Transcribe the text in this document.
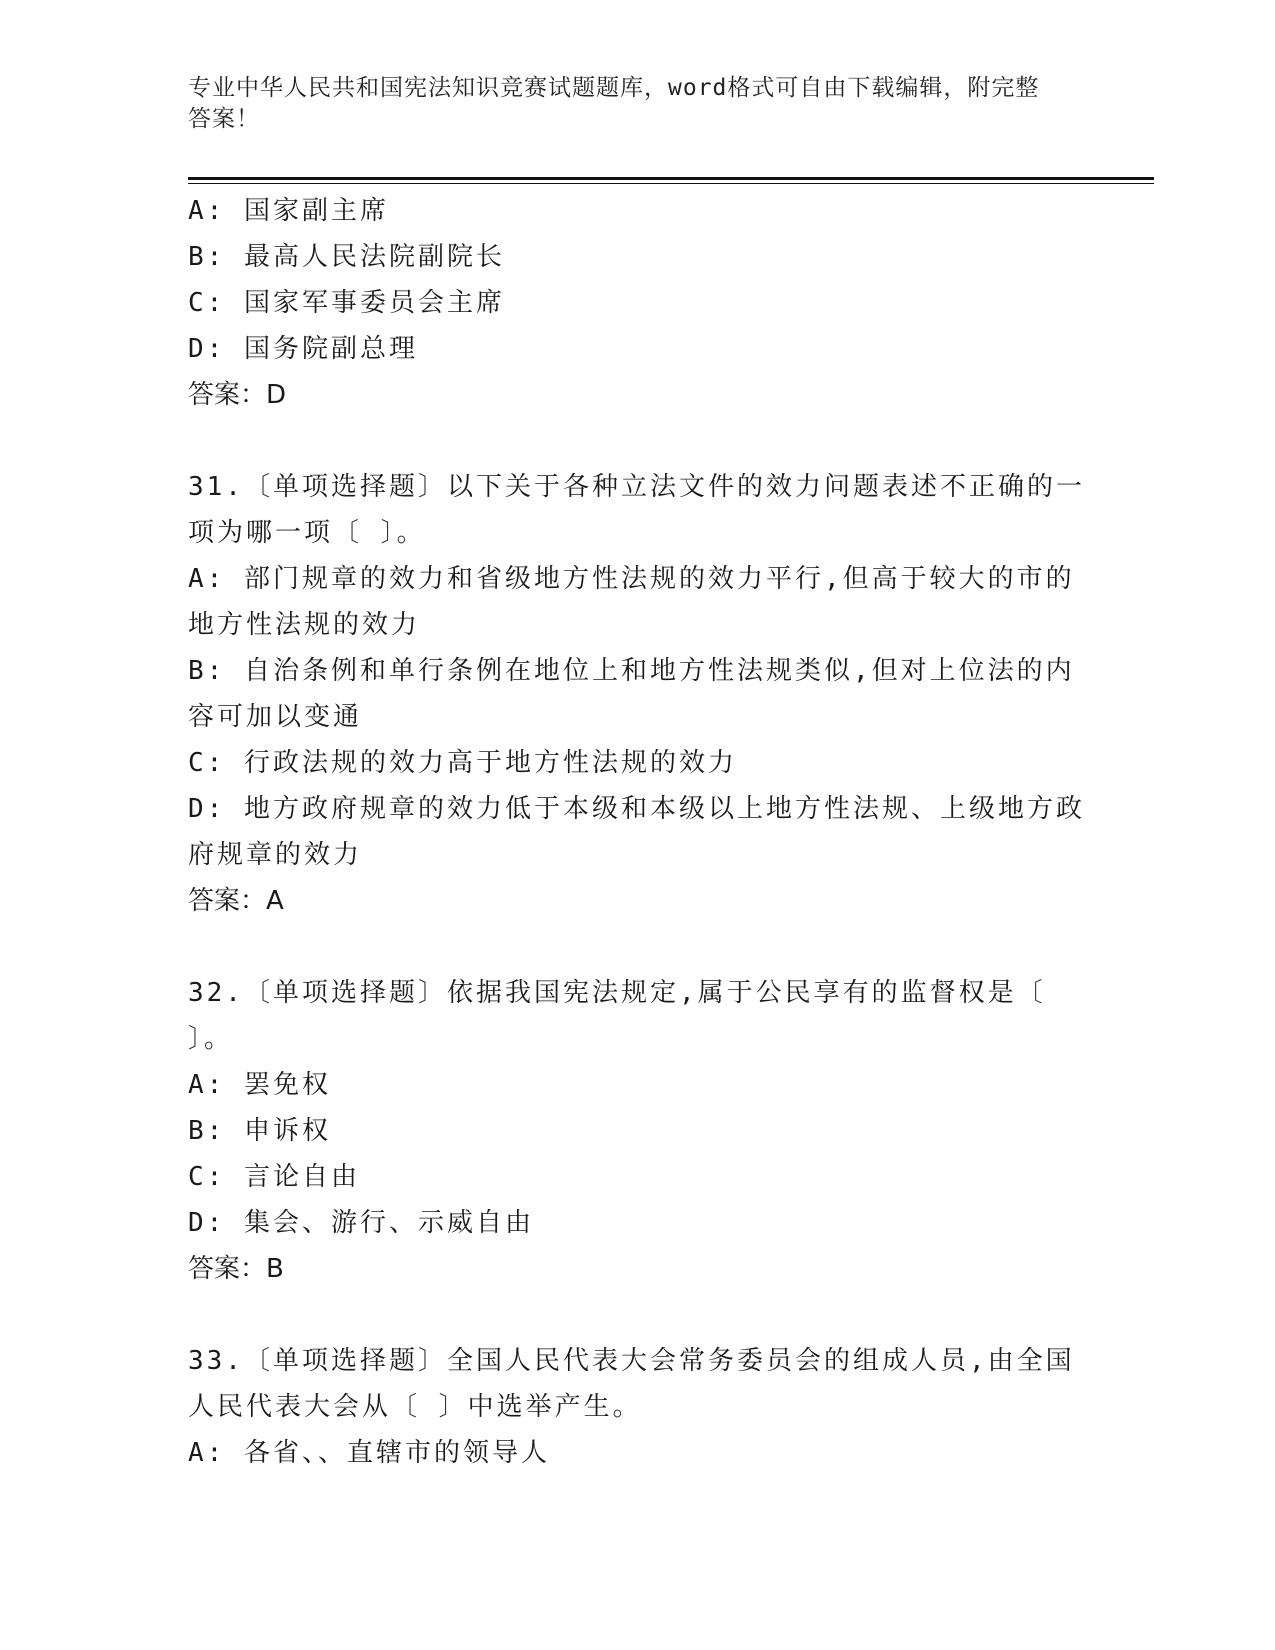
专业中华人民共和国宪法知识竞赛试题题库，word格式可自由下载编辑，附完整
答案！
A: 国家副主席
B: 最高人民法院副院长
C: 国家军事委员会主席
D: 国务院副总理
答案：D
31.〔单项选择题〕以下关于各种立法文件的效力问题表述不正确的一
项为哪一项〔 〕。
A: 部门规章的效力和省级地方性法规的效力平行,但高于较大的市的
地方性法规的效力
B: 自治条例和单行条例在地位上和地方性法规类似,但对上位法的内
容可加以变通
C: 行政法规的效力高于地方性法规的效力
D: 地方政府规章的效力低于本级和本级以上地方性法规、上级地方政
府规章的效力
答案：A
32.〔单项选择题〕依据我国宪法规定,属于公民享有的监督权是〔
〕。
A: 罢免权
B: 申诉权
C: 言论自由
D: 集会、游行、示威自由
答案：B
33.〔单项选择题〕全国人民代表大会常务委员会的组成人员,由全国
人民代表大会从〔 〕中选举产生。
A: 各省、、直辖市的领导人
